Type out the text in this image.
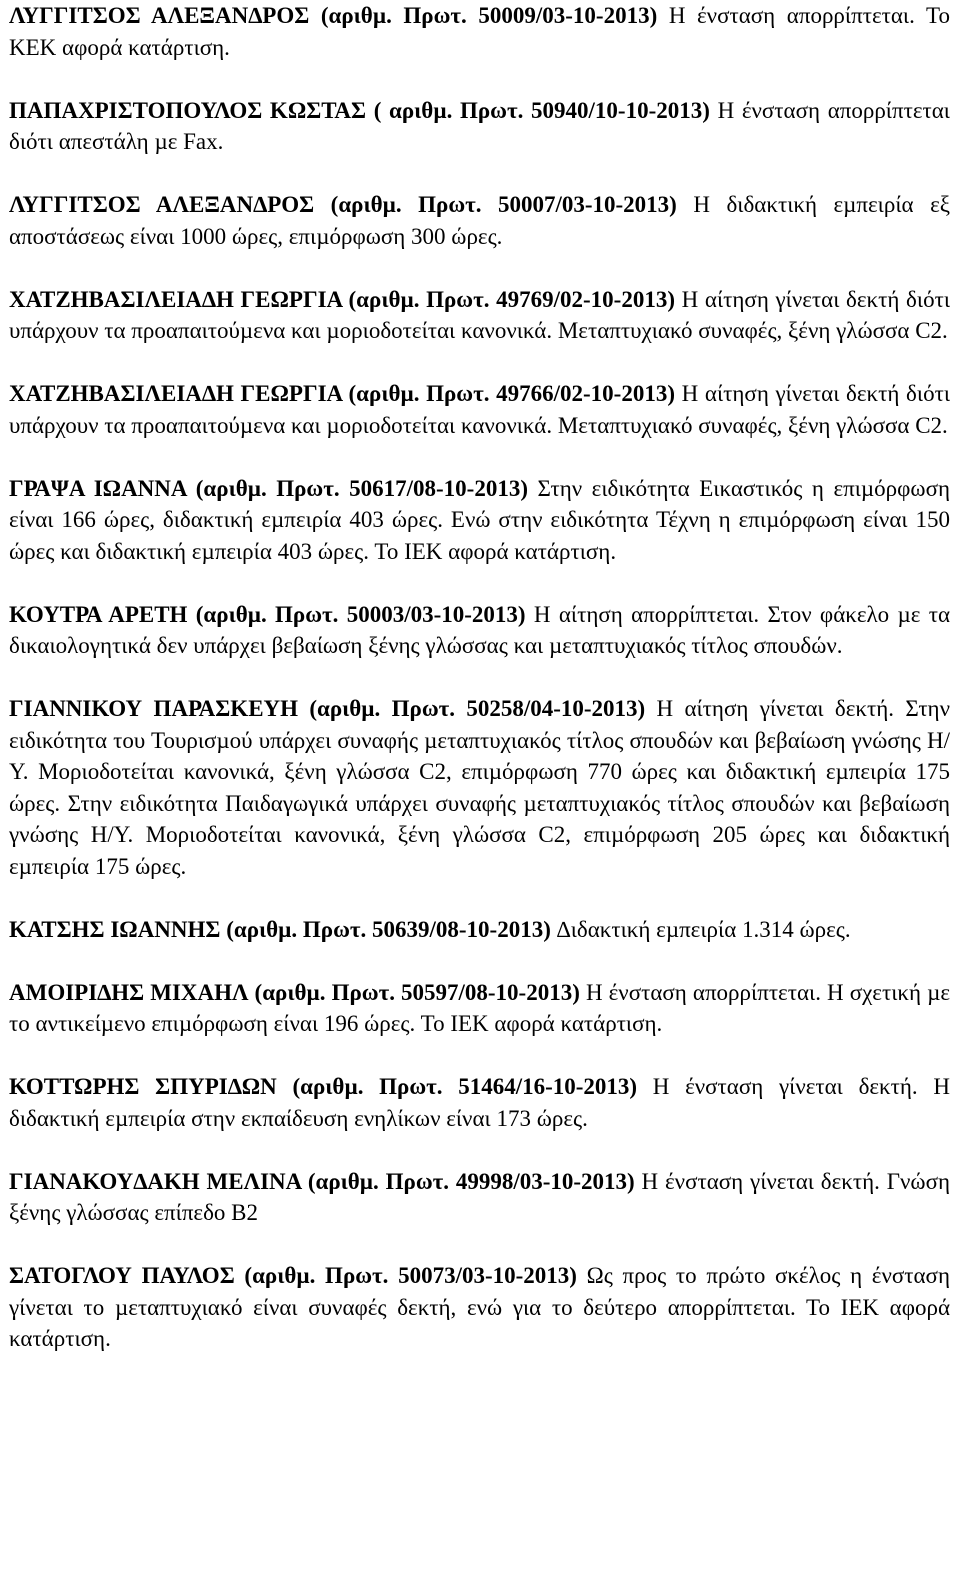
ΛΥΓΓΙΤΣΟΣ ΑΛΕΞΑΝ∆ΡΟΣ (αριθµ. Πρωτ. 50009/03-10-2013) Η ένσταση απορρίπτεται. Το ΚΕΚ αφορά κατάρτιση.

ΠΑΠΑΧΡΙΣΤΟΠΟΥΛΟΣ ΚΩΣΤΑΣ ( αριθµ. Πρωτ. 50940/10-10-2013) Η ένσταση απορρίπτεται διότι απεστάλη µε Fax.

ΛΥΓΓΙΤΣΟΣ ΑΛΕΞΑΝ∆ΡΟΣ (αριθµ. Πρωτ. 50007/03-10-2013) Η διδακτική εµπειρία εξ αποστάσεως είναι 1000 ώρες, επιµόρφωση 300 ώρες.

ΧΑΤΖΗΒΑΣΙΛΕΙΑ∆Η ΓΕΩΡΓΙΑ (αριθµ. Πρωτ. 49769/02-10-2013) Η αίτηση γίνεται δεκτή διότι υπάρχουν τα προαπαιτούµενα και µοριοδοτείται κανονικά. Μεταπτυχιακό συναφές, ξένη γλώσσα C2.

ΧΑΤΖΗΒΑΣΙΛΕΙΑ∆Η ΓΕΩΡΓΙΑ (αριθµ. Πρωτ. 49766/02-10-2013) Η αίτηση γίνεται δεκτή διότι υπάρχουν τα προαπαιτούµενα και µοριοδοτείται κανονικά. Μεταπτυχιακό συναφές, ξένη γλώσσα C2.

ΓΡΑΨΑ ΙΩΑΝΝΑ (αριθµ. Πρωτ. 50617/08-10-2013) Στην ειδικότητα Εικαστικός η επιµόρφωση είναι 166 ώρες, διδακτική εµπειρία 403 ώρες. Ενώ στην ειδικότητα Τέχνη η επιµόρφωση είναι 150 ώρες και διδακτική εµπειρία 403 ώρες. Το ΙΕΚ αφορά κατάρτιση.

ΚΟΥΤΡΑ ΑΡΕΤΗ (αριθµ. Πρωτ. 50003/03-10-2013) Η αίτηση απορρίπτεται. Στον φάκελο µε τα δικαιολογητικά δεν υπάρχει βεβαίωση ξένης γλώσσας και µεταπτυχιακός τίτλος σπουδών.

ΓΙΑΝΝΙΚΟΥ ΠΑΡΑΣΚΕΥΗ (αριθµ. Πρωτ. 50258/04-10-2013) Η αίτηση γίνεται δεκτή. Στην ειδικότητα του Τουρισµού υπάρχει συναφής µεταπτυχιακός τίτλος σπουδών και βεβαίωση γνώσης Η/Υ. Μοριοδοτείται κανονικά, ξένη γλώσσα C2, επιµόρφωση 770 ώρες και διδακτική εµπειρία 175 ώρες. Στην ειδικότητα Παιδαγωγικά υπάρχει συναφής µεταπτυχιακός τίτλος σπουδών και βεβαίωση γνώσης Η/Υ. Μοριοδοτείται κανονικά, ξένη γλώσσα C2, επιµόρφωση 205 ώρες και διδακτική εµπειρία 175 ώρες.

ΚΑΤΣΗΣ ΙΩΑΝΝΗΣ (αριθµ. Πρωτ. 50639/08-10-2013) ∆ιδακτική εµπειρία 1.314 ώρες.

ΑΜΟΙΡΙ∆ΗΣ ΜΙΧΑΗΛ (αριθµ. Πρωτ. 50597/08-10-2013) Η ένσταση απορρίπτεται. Η σχετική µε το αντικείµενο επιµόρφωση είναι 196 ώρες. Το ΙΕΚ αφορά κατάρτιση.

ΚΟΤΤΩΡΗΣ ΣΠΥΡΙ∆ΩΝ (αριθµ. Πρωτ. 51464/16-10-2013) Η ένσταση γίνεται δεκτή. Η διδακτική εµπειρία στην εκπαίδευση ενηλίκων είναι 173 ώρες.

ΓΙΑΝΑΚΟΥ∆ΑΚΗ ΜΕΛΙΝΑ (αριθµ. Πρωτ. 49998/03-10-2013) Η ένσταση γίνεται δεκτή. Γνώση ξένης γλώσσας επίπεδο Β2

ΣΑΤΟΓΛΟΥ ΠΑΥΛΟΣ (αριθµ. Πρωτ. 50073/03-10-2013) Ως προς το πρώτο σκέλος η ένσταση γίνεται το µεταπτυχιακό είναι συναφές δεκτή, ενώ για το δεύτερο απορρίπτεται. Το ΙΕΚ αφορά κατάρτιση.
